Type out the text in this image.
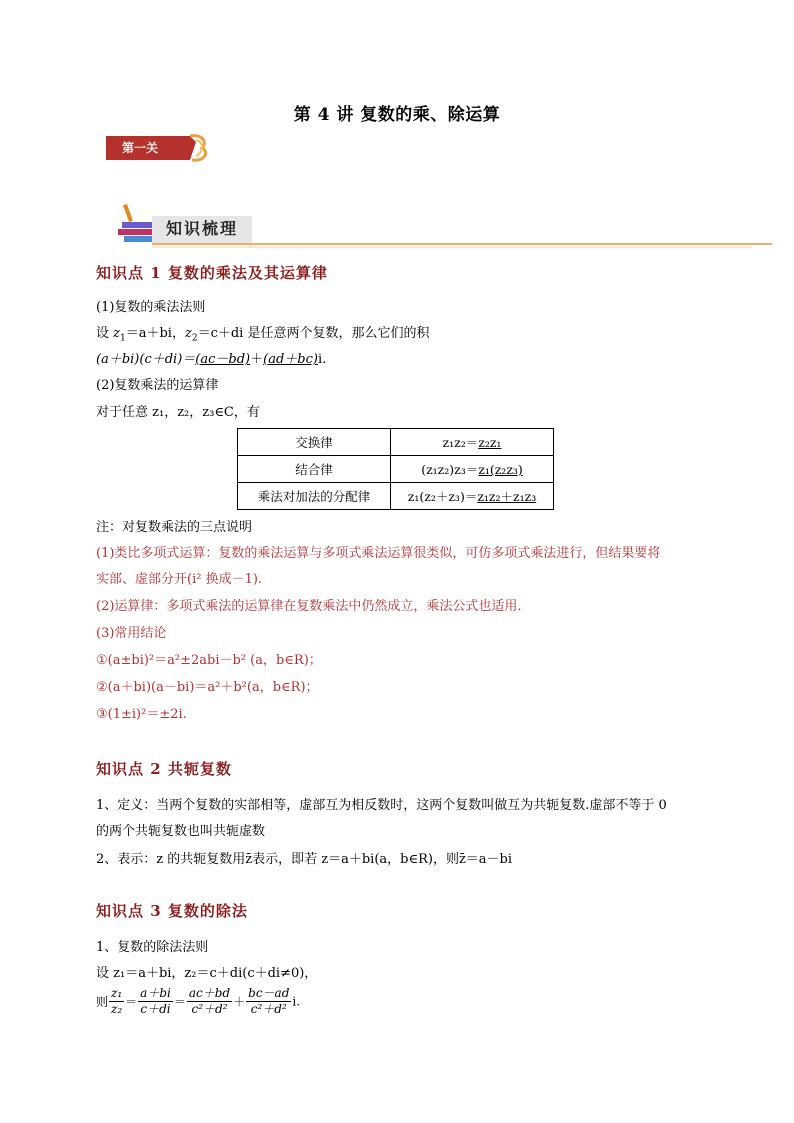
第 4 讲 复数的乘、除运算
第一关
知识梳理
知识点 1 复数的乘法及其运算律
(1)复数的乘法法则
设 $z_1=a+bi$，$z_2=c+di$ 是任意两个复数，那么它们的积
(a＋bi)(c＋di)＝(ac－bd)＋(ad＋bc)i.
(2)复数乘法的运算律
对于任意 z₁，z₂，z₃∈C，有
交换律	z₁z₂＝z₂z₁
结合律	(z₁z₂)z₃＝z₁(z₂z₃)
乘法对加法的分配律	z₁(z₂＋z₃)＝z₁z₂＋z₁z₃
注：对复数乘法的三点说明
(1)类比多项式运算：复数的乘法运算与多项式乘法运算很类似，可仿多项式乘法进行，但结果要将
实部、虚部分开(i² 换成－1).
(2)运算律：多项式乘法的运算律在复数乘法中仍然成立，乘法公式也适用．
(3)常用结论
①(a±bi)²＝a²±2abi－b² (a，b∈R)；
②(a＋bi)(a－bi)＝a²＋b²(a，b∈R)；
③(1±i)²＝±2i.
知识点 2 共轭复数
1、定义：当两个复数的实部相等，虚部互为相反数时，这两个复数叫做互为共轭复数.虚部不等于 0
的两个共轭复数也叫共轭虚数
2、表示：z 的共轭复数用z̄表示，即若 z＝a＋bi(a，b∈R)，则z̄＝a－bi
知识点 3 复数的除法
1、复数的除法法则
设 z₁＝a＋bi，z₂＝c＋di(c＋di≠0)，
则 $\frac{\text{z₁}}{\text{z₂}} = \frac{a+bi}{c+di} = \frac{ac+bd}{\text{c²＋d²}} + \frac{bc-ad}{\text{c²＋d²}} i$.
